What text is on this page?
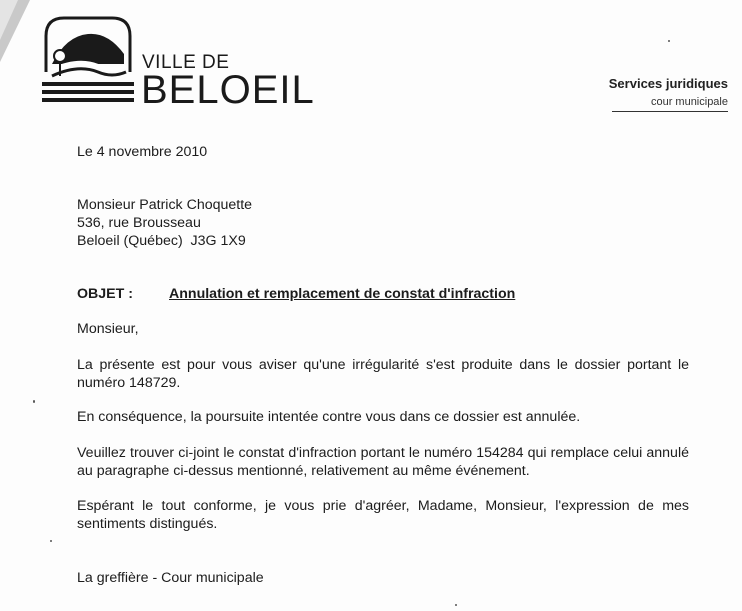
VILLE DE
BELOEIL	Services juridiques
cour municipale
Le 4 novembre 2010
Monsieur Patrick Choquette
536, rue Brousseau
Beloeil (Québec)  J3G 1X9
OBJET :	Annulation et remplacement de constat d'infraction
Monsieur,
La présente est pour vous aviser qu'une irrégularité s'est produite dans le dossier portant le numéro 148729.
En conséquence, la poursuite intentée contre vous dans ce dossier est annulée.
Veuillez trouver ci-joint le constat d'infraction portant le numéro 154284 qui remplace celui annulé au paragraphe ci-dessus mentionné, relativement au même événement.
Espérant le tout conforme, je vous prie d'agréer, Madame, Monsieur, l'expression de mes sentiments distingués.
La greffière - Cour municipale
